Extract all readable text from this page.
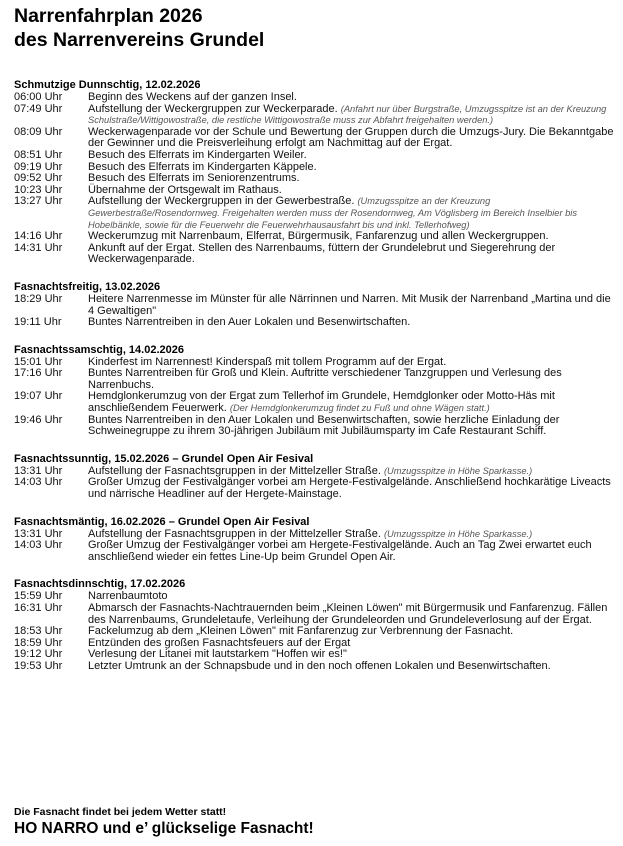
Narrenfahrplan 2026
des Narrenvereins Grundel
Schmutzige Dunnschtig, 12.02.2026
06:00 Uhr	Beginn des Weckens auf der ganzen Insel.
07:49 Uhr	Aufstellung der Weckergruppen zur Weckerparade. (Anfahrt nur über Burgstraße, Umzugsspitze ist an der Kreuzung Schulstraße/Wittigowostraße, die restliche Wittigowostraße muss zur Abfahrt freigehalten werden.)
08:09 Uhr	Weckerwagenparade vor der Schule und Bewertung der Gruppen durch die Umzugs-Jury. Die Bekanntgabe der Gewinner und die Preisverleihung erfolgt am Nachmittag auf der Ergat.
08:51 Uhr	Besuch des Elferrats im Kindergarten Weiler.
09:19 Uhr	Besuch des Elferrats im Kindergarten Käppele.
09:52 Uhr	Besuch des Elferrats im Seniorenzentrums.
10:23 Uhr	Übernahme der Ortsgewalt im Rathaus.
13:27 Uhr	Aufstellung der Weckergruppen in der Gewerbestraße. (Umzugsspitze an der Kreuzung Gewerbestraße/Rosendornweg. Freigehalten werden muss der Rosendornweg, Am Vöglisberg im Bereich Inselbier bis Hobelbänkle, sowie für die Feuerwehr die Feuerwehrhausausfahrt bis und inkl. Tellerhofweg)
14:16 Uhr	Weckerumzug mit Narrenbaum, Elferrat, Bürgermusik, Fanfarenzug und allen Weckergruppen.
14:31 Uhr	Ankunft auf der Ergat. Stellen des Narrenbaums, füttern der Grundelebrut und Siegerehrung der Weckerwagenparade.
Fasnachtsfreitig, 13.02.2026
18:29 Uhr	Heitere Narrenmesse im Münster für alle Närrinnen und Narren. Mit Musik der Narrenband „Martina und die 4 Gewaltigen"
19:11 Uhr	Buntes Narrentreiben in den Auer Lokalen und Besenwirtschaften.
Fasnachtssamschtig, 14.02.2026
15:01 Uhr	Kinderfest im Narrennest! Kinderspaß mit tollem Programm auf der Ergat.
17:16 Uhr	Buntes Narrentreiben für Groß und Klein. Auftritte verschiedener Tanzgruppen und Verlesung des Narrenbuchs.
19:07 Uhr	Hemdglonkerumzug von der Ergat zum Tellerhof im Grundele, Hemdglonker oder Motto-Häs mit anschließendem Feuerwerk. (Der Hemdglonkerumzug findet zu Fuß und ohne Wägen statt.)
19:46 Uhr	Buntes Narrentreiben in den Auer Lokalen und Besenwirtschaften, sowie herzliche Einladung der Schweinegruppe zu ihrem 30-jährigen Jubiläum mit Jubiläumsparty im Cafe Restaurant Schiff.
Fasnachtssunntig, 15.02.2026 – Grundel Open Air Fesival
13:31 Uhr	Aufstellung der Fasnachtsgruppen in der Mittelzeller Straße. (Umzugsspitze in Höhe Sparkasse.)
14:03 Uhr	Großer Umzug der Festivalgänger vorbei am Hergete-Festivalgelände. Anschließend hochkarätige Liveacts und närrische Headliner auf der Hergete-Mainstage.
Fasnachtsmäntig, 16.02.2026 – Grundel Open Air Fesival
13:31 Uhr	Aufstellung der Fasnachtsgruppen in der Mittelzeller Straße. (Umzugsspitze in Höhe Sparkasse.)
14:03 Uhr	Großer Umzug der Festivalgänger vorbei am Hergete-Festivalgelände. Auch an Tag Zwei erwartet euch anschließend wieder ein fettes Line-Up beim Grundel Open Air.
Fasnachtsdinnschtig, 17.02.2026
15:59 Uhr	Narrenbaumtoto
16:31 Uhr	Abmarsch der Fasnachts-Nachtrauernden beim „Kleinen Löwen" mit Bürgermusik und Fanfarenzug. Fällen des Narrenbaums, Grundeletaufe, Verleihung der Grundeleorden und Grundeleverlosung auf der Ergat.
18:53 Uhr	Fackelumzug ab dem „Kleinen Löwen" mit Fanfarenzug zur Verbrennung der Fasnacht.
18:59 Uhr	Entzünden des großen Fasnachtsfeuers auf der Ergat
19:12 Uhr	Verlesung der Litanei mit lautstarkem "Hoffen wir es!"
19:53 Uhr	Letzter Umtrunk an der Schnapsbude und in den noch offenen Lokalen und Besenwirtschaften.
Die Fasnacht findet bei jedem Wetter statt!
HO NARRO und e’ glückselige Fasnacht!
